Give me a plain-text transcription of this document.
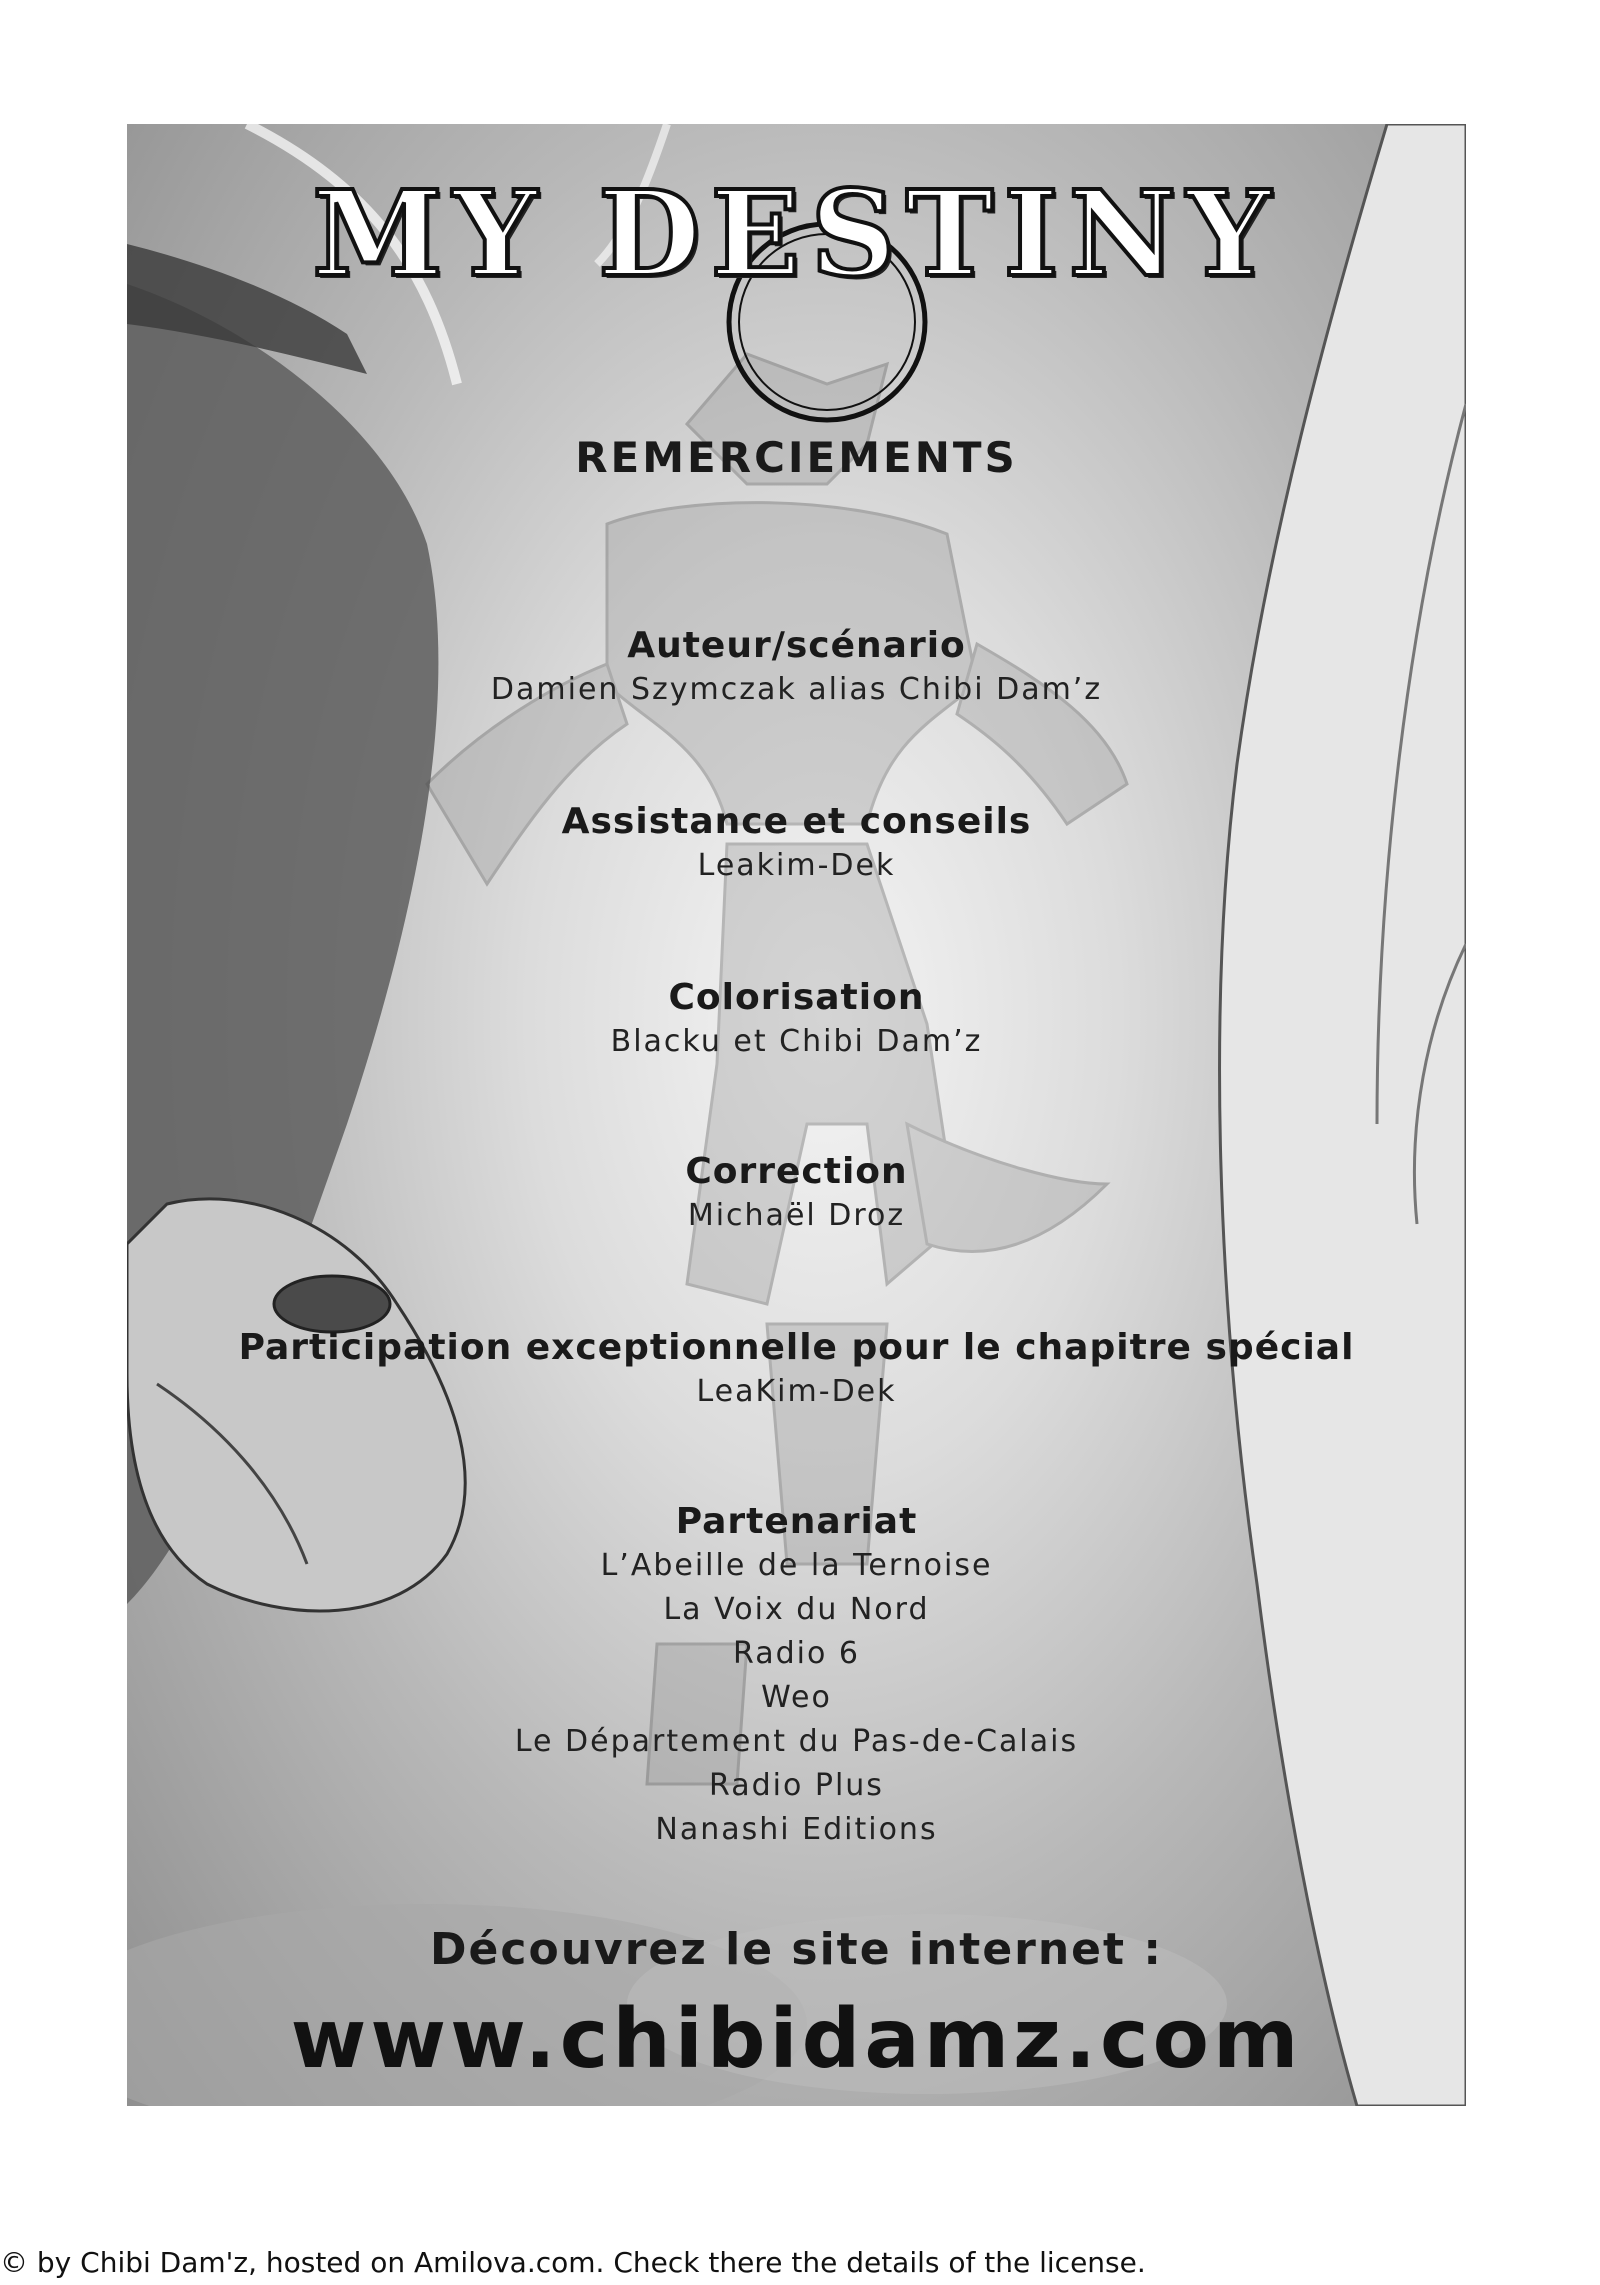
MY DESTINY
REMERCIEMENTS
Auteur/scénario
Damien Szymczak alias Chibi Dam’z
Assistance et conseils
Leakim-Dek
Colorisation
Blacku et Chibi Dam’z
Correction
Michaël Droz
Participation exceptionnelle pour le chapitre spécial
LeaKim-Dek
Partenariat
L’Abeille de la Ternoise
La Voix du Nord
Radio 6
Weo
Le Département du Pas-de-Calais
Radio Plus
Nanashi Editions
Découvrez le site internet :
www.chibidamz.com
© by Chibi Dam'z, hosted on Amilova.com. Check there the details of the license.
